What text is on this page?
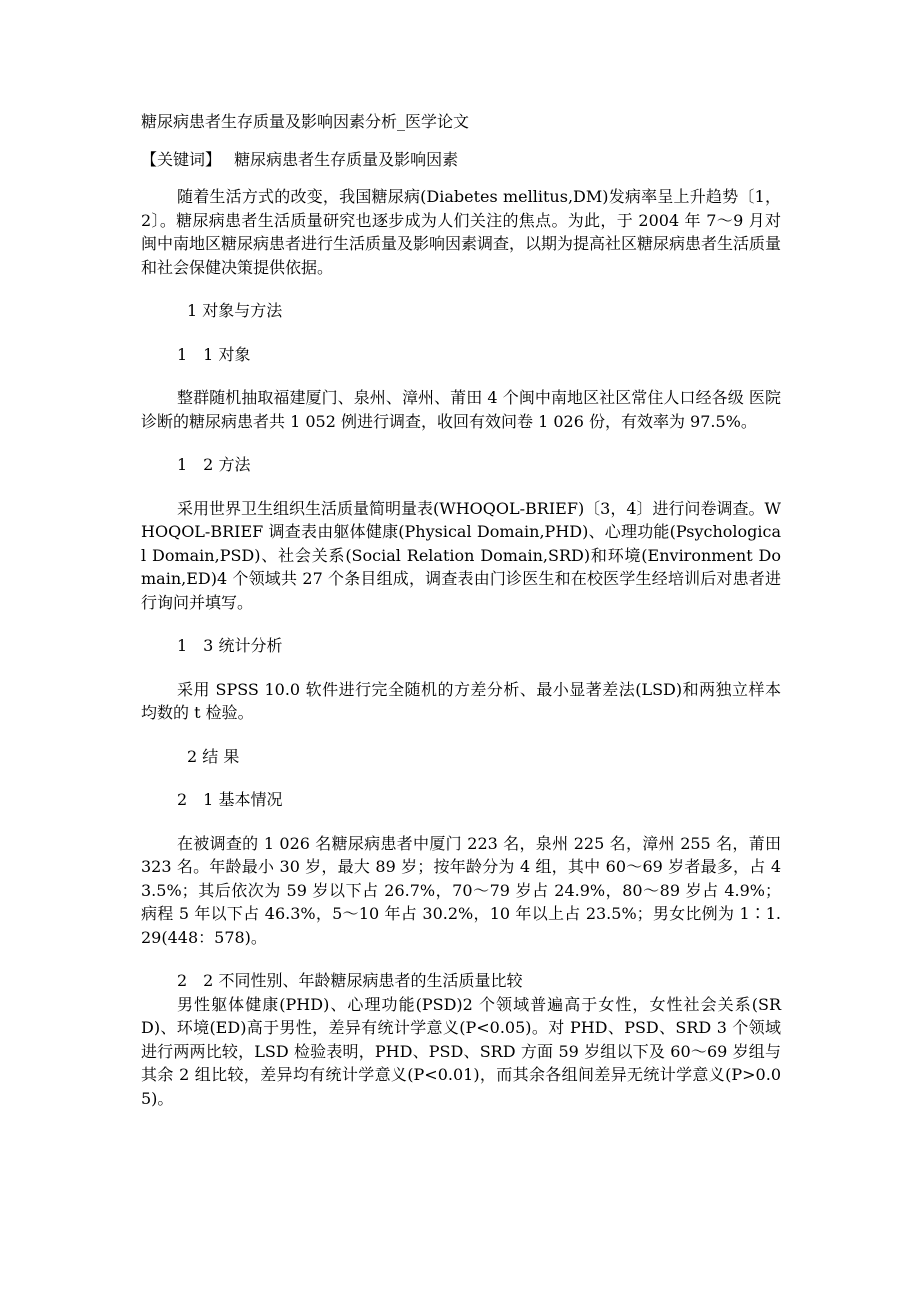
糖尿病患者生存质量及影响因素分析_医学论文
【关键词】 糖尿病患者生存质量及影响因素

随着生活方式的改变，我国糖尿病(Diabetes mellitus,DM)发病率呈上升趋势〔1，2〕。糖尿病患者生活质量研究也逐步成为人们关注的焦点。为此，于 2004 年 7～9 月对闽中南地区糖尿病患者进行生活质量及影响因素调查，以期为提高社区糖尿病患者生活质量和社会保健决策提供依据。

1 对象与方法
1　1 对象

整群随机抽取福建厦门、泉州、漳州、莆田 4 个闽中南地区社区常住人口经各级 医院 诊断的糖尿病患者共 1 052 例进行调查，收回有效问卷 1 026 份，有效率为 97.5%。

1　2 方法

采用世界卫生组织生活质量简明量表(WHOQOL-BRIEF)〔3，4〕进行问卷调查。WHOQOL-BRIEF 调查表由躯体健康(Physical Domain,PHD)、心理功能(Psychological Domain,PSD)、社会关系(Social Relation Domain,SRD)和环境(Environment Domain,ED)4 个领域共 27 个条目组成，调查表由门诊医生和在校医学生经培训后对患者进行询问并填写。

1　3 统计分析

采用 SPSS 10.0 软件进行完全随机的方差分析、最小显著差法(LSD)和两独立样本均数的 t 检验。

2 结 果
2　1 基本情况

在被调查的 1 026 名糖尿病患者中厦门 223 名，泉州 225 名，漳州 255 名，莆田 323 名。年龄最小 30 岁，最大 89 岁；按年龄分为 4 组，其中 60～69 岁者最多，占 43.5%；其后依次为 59 岁以下占 26.7%，70～79 岁占 24.9%，80～89 岁占 4.9%；病程 5 年以下占 46.3%，5～10 年占 30.2%，10 年以上占 23.5%；男女比例为 1∶1.29(448：578)。

2　2 不同性别、年龄糖尿病患者的生活质量比较

男性躯体健康(PHD)、心理功能(PSD)2 个领域普遍高于女性，女性社会关系(SRD)、环境(ED)高于男性，差异有统计学意义(P<0.05)。对 PHD、PSD、SRD 3 个领域进行两两比较，LSD 检验表明，PHD、PSD、SRD 方面 59 岁组以下及 60～69 岁组与其余 2 组比较，差异均有统计学意义(P<0.01)，而其余各组间差异无统计学意义(P>0.05)。
